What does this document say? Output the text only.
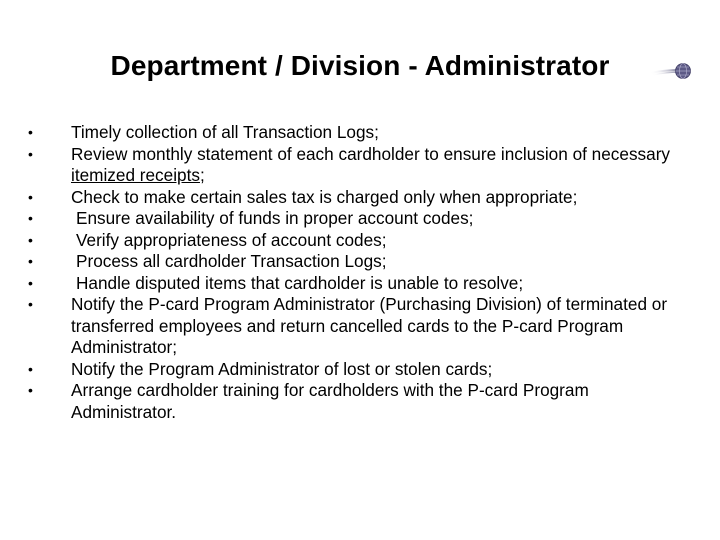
Department / Division - Administrator
•	Timely collection of all Transaction Logs;
•	Review monthly statement of each cardholder to ensure inclusion of necessary itemized receipts;
•	Check to make certain sales tax is charged only when appropriate;
•	Ensure availability of funds in proper account codes;
•	Verify appropriateness of account codes;
•	Process all cardholder Transaction Logs;
•	Handle disputed items that cardholder is unable to resolve;
•	Notify the P-card Program Administrator (Purchasing Division) of terminated or transferred employees and return cancelled cards to the P-card Program Administrator;
•	Notify the Program Administrator of lost or stolen cards;
•	Arrange cardholder training for cardholders with the P-card Program Administrator.
